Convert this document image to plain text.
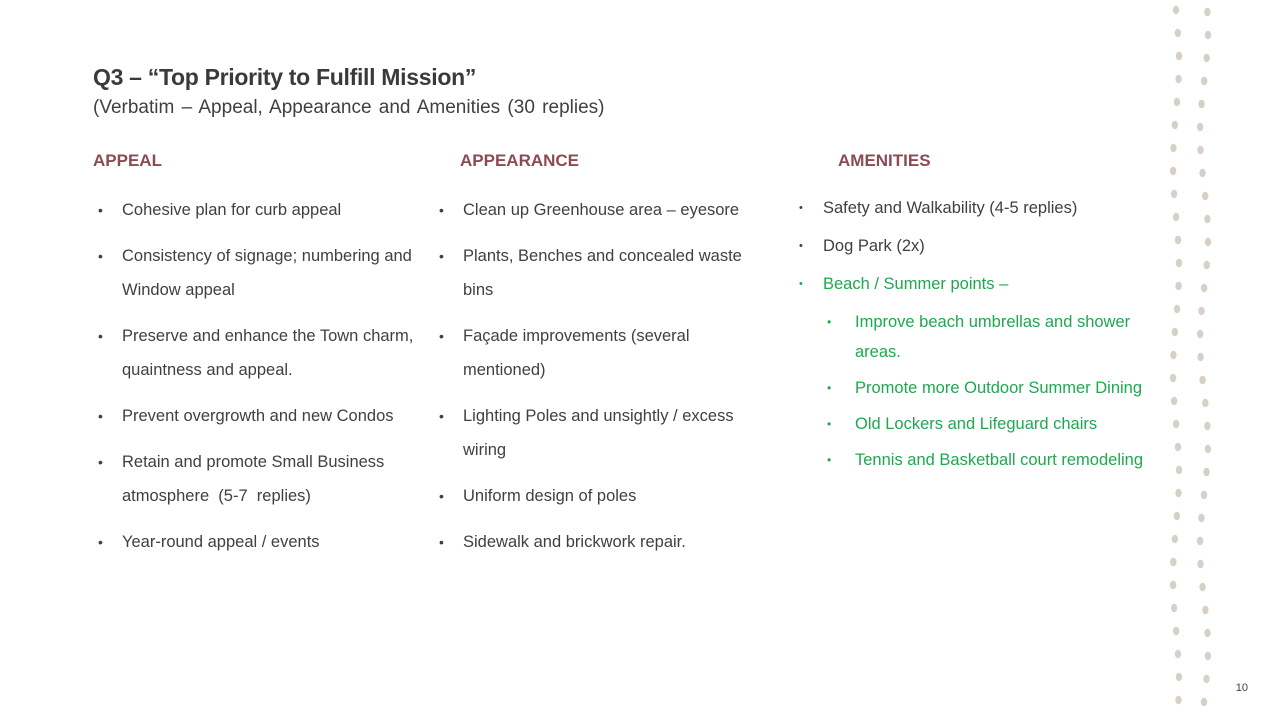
Q3 – “Top Priority to Fulfill Mission”
(Verbatim – Appeal, Appearance and Amenities (30 replies)
APPEAL	APPEARANCE	AMENITIES
• Cohesive plan for curb appeal
• Consistency of signage; numbering and Window appeal
• Preserve and enhance the Town charm, quaintness and appeal.
• Prevent overgrowth and new Condos
• Retain and promote Small Business atmosphere  (5-7  replies)
• Year-round appeal / events
• Clean up Greenhouse area – eyesore
• Plants, Benches and concealed waste bins
• Façade improvements (several mentioned)
• Lighting Poles and unsightly / excess wiring
• Uniform design of poles
• Sidewalk and brickwork repair.
• Safety and Walkability (4-5 replies)
• Dog Park (2x)
• Beach / Summer points –
• Improve beach umbrellas and shower areas.
• Promote more Outdoor Summer Dining
• Old Lockers and Lifeguard chairs
• Tennis and Basketball court remodeling
10
